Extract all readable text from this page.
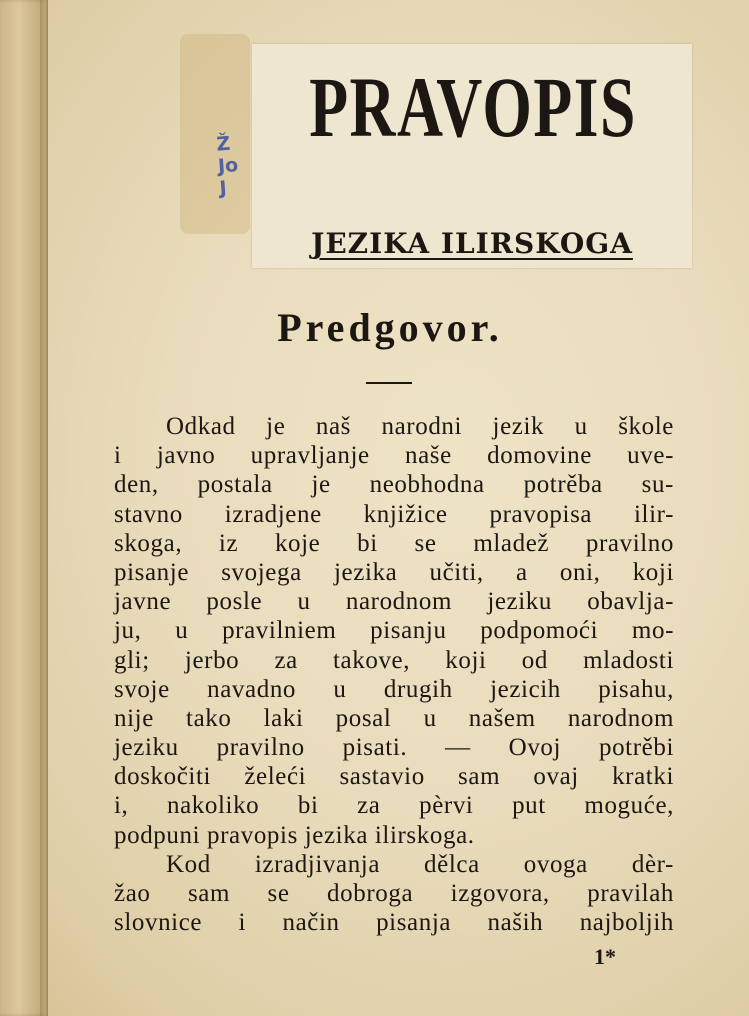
PRAVOPIS
JEZIKA ILIRSKOGA
Ž
Jo
J
Predgovor.
Odkad je naš narodni jezik u škole
i javno upravljanje naše domovine uve-
den, postala je neobhodna potrěba su-
stavno izradjene knjižice pravopisa ilir-
skoga, iz koje bi se mladež pravilno
pisanje svojega jezika učiti, a oni, koji
javne posle u narodnom jeziku obavlja-
ju, u pravilniem pisanju podpomoći mo-
gli; jerbo za takove, koji od mladosti
svoje navadno u drugih jezicih pisahu,
nije tako laki posal u našem narodnom
jeziku pravilno pisati. — Ovoj potrěbi
doskočiti želeći sastavio sam ovaj kratki
i, nakoliko bi za pèrvi put moguće,
podpuni pravopis jezika ilirskoga.
Kod izradjivanja dělca ovoga dèr-
žao sam se dobroga izgovora, pravilah
slovnice i način pisanja naših najboljih
1*
